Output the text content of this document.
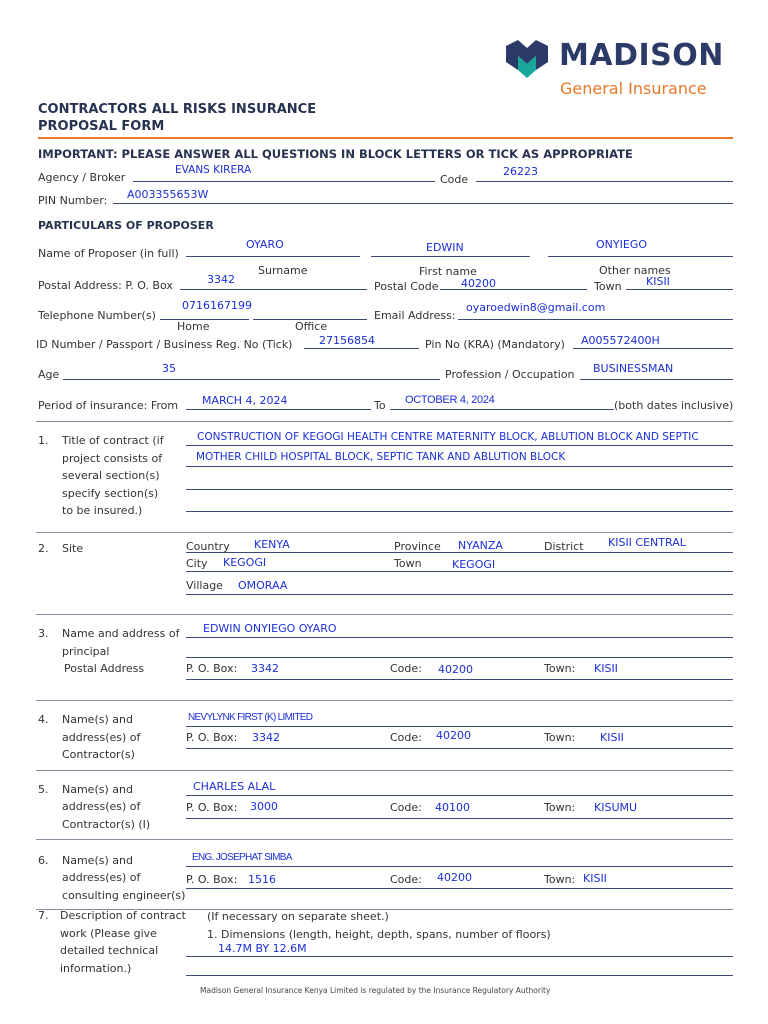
MADISON
General Insurance
CONTRACTORS ALL RISKS INSURANCE
PROPOSAL FORM
IMPORTANT: PLEASE ANSWER ALL QUESTIONS IN BLOCK LETTERS OR TICK AS APPROPRIATE
Agency / Broker
EVANS KIRERA
Code
26223
PIN Number: A003355653W
PARTICULARS OF PROPOSER
Name of Proposer (in full)
OYARO	EDWIN	ONYIEGO
Surname	First name	Other names
Postal Address: P. O. Box	3342
Postal Code 40200	Town KISII
Telephone Number(s)
0716167199
Home	Office
Email Address:
oyaroedwin8@gmail.com
ID Number / Passport / Business Reg. No (Tick) 27156854	Pin No (KRA) (Mandatory) A005572400H
Age	35	Profession / Occupation BUSINESSMAN
Period of insurance: From MARCH 4, 2024	To OCTOBER 4, 2024	(both dates inclusive)
1. Title of contract (if
project consists of
several section(s)
specify section(s)
to be insured.)
CONSTRUCTION OF KEGOGI HEALTH CENTRE MATERNITY BLOCK, ABLUTION BLOCK AND SEPTIC
MOTHER CHILD HOSPITAL BLOCK, SEPTIC TANK AND ABLUTION BLOCK
2. Site	Country KENYA	Province NYANZA	District KISII CENTRAL
City KEGOGI	Town	KEGOGI
Village OMORAA
3. Name and address of
principal
Postal Address
EDWIN ONYIEGO OYARO
P. O. Box: 3342	Code: 40200	Town: KISII
4. Name(s) and
address(es) of
Contractor(s)
NEVYLYNK FIRST (K) LIMITED
P. O. Box: 3342	Code: 40200	Town: KISII
5. Name(s) and
address(es) of
Contractor(s) (I)
CHARLES ALAL
P. O. Box: 3000	Code: 40100	Town: KISUMU
6. Name(s) and
address(es) of
consulting engineer(s)
ENG. JOSEPHAT SIMBA
P. O. Box: 1516	Code: 40200	Town: KISII
7. Description of contract
work (Please give
detailed technical
information.)
(If necessary on separate sheet.)
1. Dimensions (length, height, depth, spans, number of floors)
14.7M BY 12.6M
Madison General Insurance Kenya Limited is regulated by the Insurance Regulatory Authority
